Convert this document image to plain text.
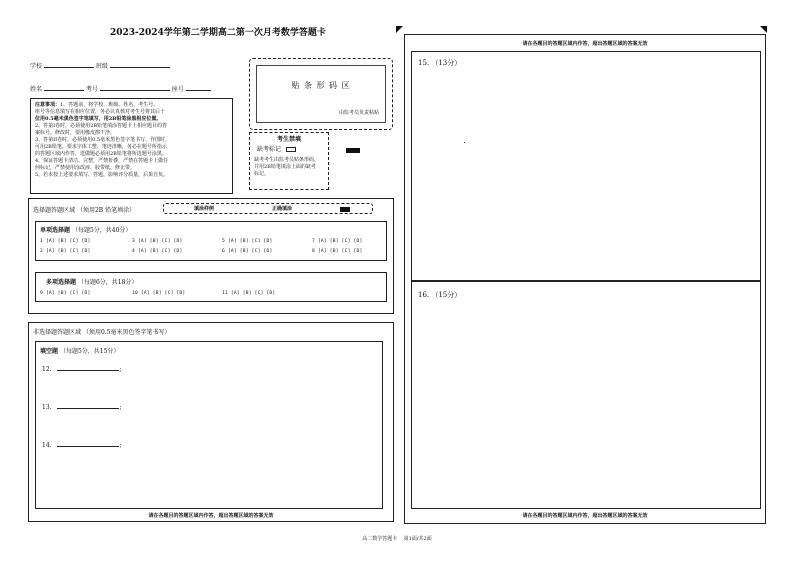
2023-2024学年第二学期高二第一次月考数学答题卡
学校	班级
姓名	考号	座号
注意事项：1、答题前，将学校、班级、姓名、考生号、
座号等信息填写在相应位置，务必认真核对考生号将其后十
位用0.5毫米黑色签字笔填写，用2B铅笔涂黑相应位置。
2、答第I卷时，必须使用2B铅笔填涂答题卡上相应题目的答
案标号，修改时，要用橡皮擦干净。
3、答第II卷时，必须使用0.5毫米黑色签字笔书写，作图时，
可用2B铅笔，要求字体工整、笔迹清晰，务必在题号所指示
的答题区域内作答，选做题必须用2B铅笔将所选题号涂黑。
4、保证答题卡清洁、完整，严禁折叠，严禁在答题卡上做任
何标记，严禁使用涂改液、胶带纸、修正带。
5、若未按上述要求填写、答题，影响评分质量，后果自负。
贴 条 形 码 区
由监考员负责粘贴
考生禁填
缺考标记
缺考考生由监考员贴条形码，
并用2B铅笔填涂上面的缺考
标记。
选择题答题区域 （须用2B 铅笔填涂）	填涂样例	正确填涂
单项选择题 （每题5分，共40分）
1 [A] [B] [C] [D]
2 [A] [B] [C] [D]
3 [A] [B] [C] [D]
4 [A] [B] [C] [D]
5 [A] [B] [C] [D]
6 [A] [B] [C] [D]
7 [A] [B] [C] [D]
8 [A] [B] [C] [D]
多项选择题 （每题6分，共18分）
9 [A] [B] [C] [D]	10 [A] [B] [C] [D]	11 [A] [B] [C] [D]
非选择题答题区域 （须用0.5毫米黑色签字笔书写）
填空题 （每题5分，共15分）
12.	;
13.	;
14.	;
请在各题目的答题区域内作答，超出答题区域的答案无效
请在各题目的答题区域内作答，超出答题区域的答案无效
15. （13分）
16. （15分）
请在各题目的答题区域内作答，超出答题区域的答案无效
高二数学答题卡    第1面/共2面
